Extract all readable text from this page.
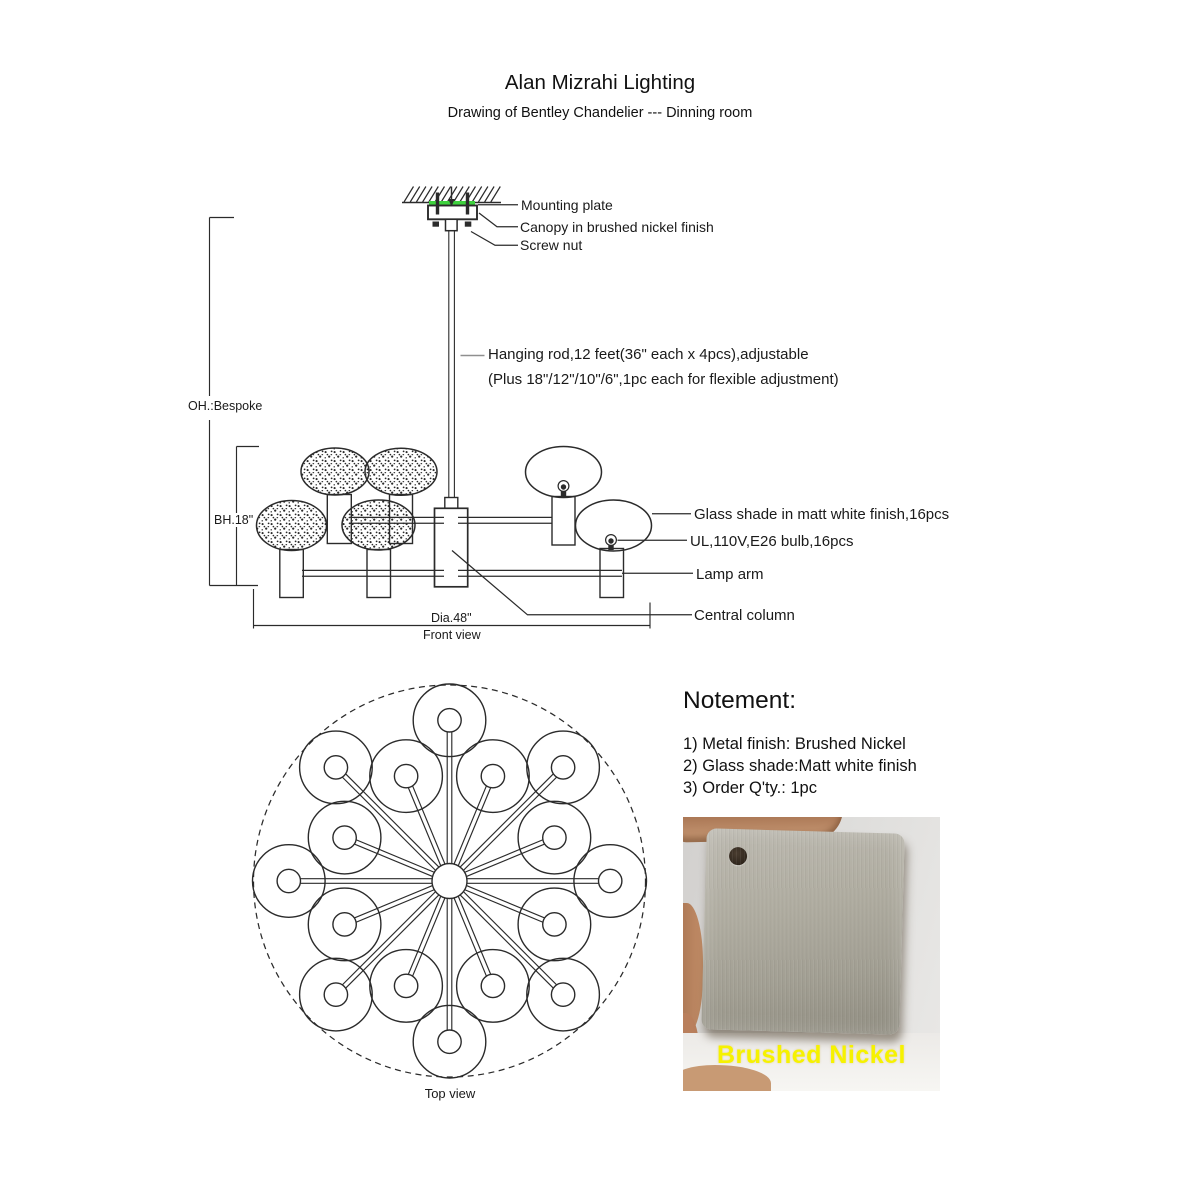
Alan Mizrahi Lighting
Drawing of Bentley Chandelier --- Dinning room
Mounting plate
Canopy in brushed nickel finish
Screw nut
Hanging rod,12 feet(36" each x 4pcs),adjustable
(Plus 18"/12"/10"/6",1pc each for flexible adjustment)
Glass shade in matt white finish,16pcs
UL,110V,E26 bulb,16pcs
Lamp arm
Central column
OH.:Bespoke
BH.18"
Dia.48"
Front view
Top view
Notement:
1) Metal finish: Brushed Nickel
2) Glass shade:Matt white finish
3) Order Q'ty.: 1pc
Brushed Nickel
